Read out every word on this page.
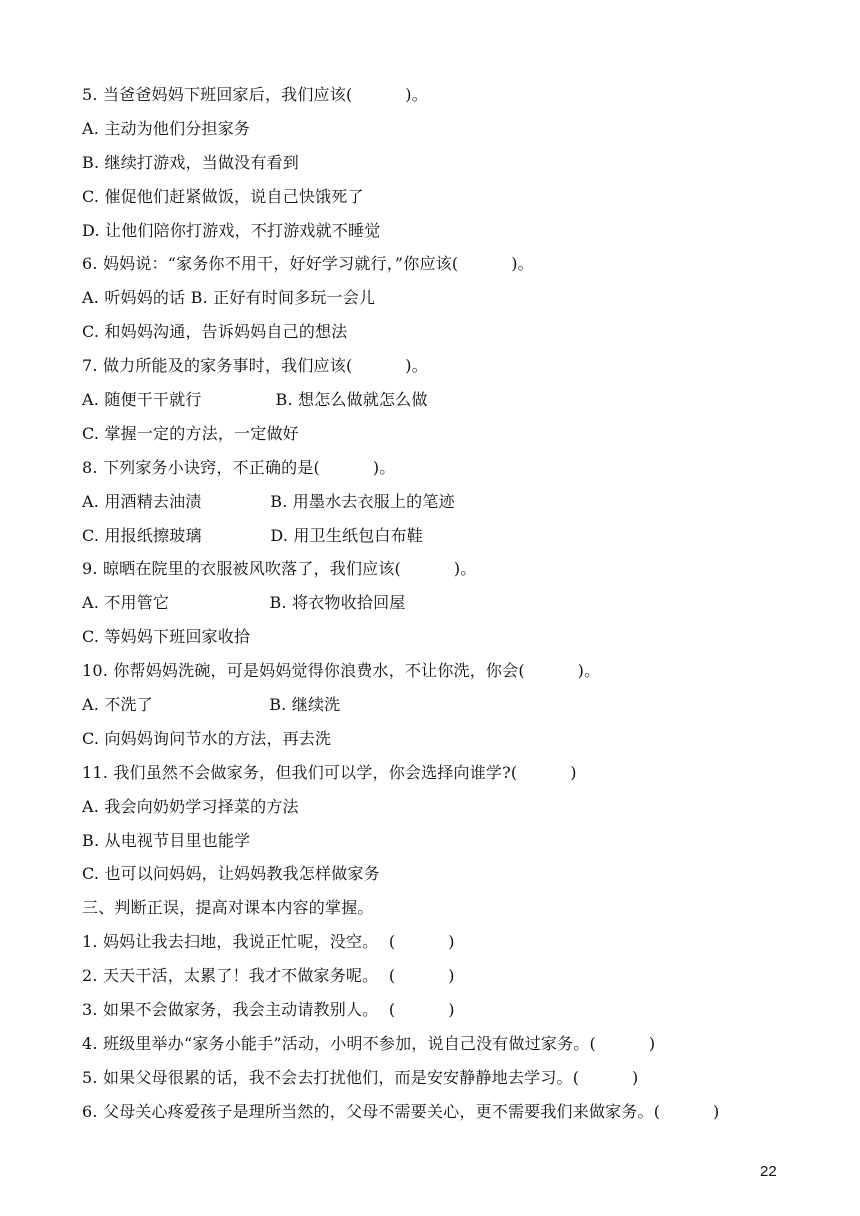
5. 当爸爸妈妈下班回家后，我们应该(          )。
A. 主动为他们分担家务
B. 继续打游戏，当做没有看到
C. 催促他们赶紧做饭，说自己快饿死了
D. 让他们陪你打游戏，不打游戏就不睡觉
6. 妈妈说：“家务你不用干，好好学习就行，”你应该(          )。
A. 听妈妈的话 B. 正好有时间多玩一会儿
C. 和妈妈沟通，告诉妈妈自己的想法
7. 做力所能及的家务事时，我们应该(          )。
A. 随便干干就行              B. 想怎么做就怎么做
C. 掌握一定的方法，一定做好
8. 下列家务小诀窍，不正确的是(          )。
A. 用酒精去油渍             B. 用墨水去衣服上的笔迹
C. 用报纸擦玻璃             D. 用卫生纸包白布鞋
9. 晾晒在院里的衣服被风吹落了，我们应该(          )。
A. 不用管它                   B. 将衣物收拾回屋
C. 等妈妈下班回家收拾
10. 你帮妈妈洗碗，可是妈妈觉得你浪费水，不让你洗，你会(          )。
A. 不洗了                      B. 继续洗
C. 向妈妈询问节水的方法，再去洗
11. 我们虽然不会做家务，但我们可以学，你会选择向谁学?(          )
A. 我会向奶奶学习择菜的方法
B. 从电视节目里也能学
C. 也可以问妈妈，让妈妈教我怎样做家务
三、判断正误，提高对课本内容的掌握。
1. 妈妈让我去扫地，我说正忙呢，没空。  (          )
2. 天天干活，太累了！我才不做家务呢。  (          )
3. 如果不会做家务，我会主动请教别人。  (          )
4. 班级里举办“家务小能手”活动，小明不参加，说自己没有做过家务。(          )
5. 如果父母很累的话，我不会去打扰他们，而是安安静静地去学习。(          )
6. 父母关心疼爱孩子是理所当然的，父母不需要关心，更不需要我们来做家务。(          )
22
